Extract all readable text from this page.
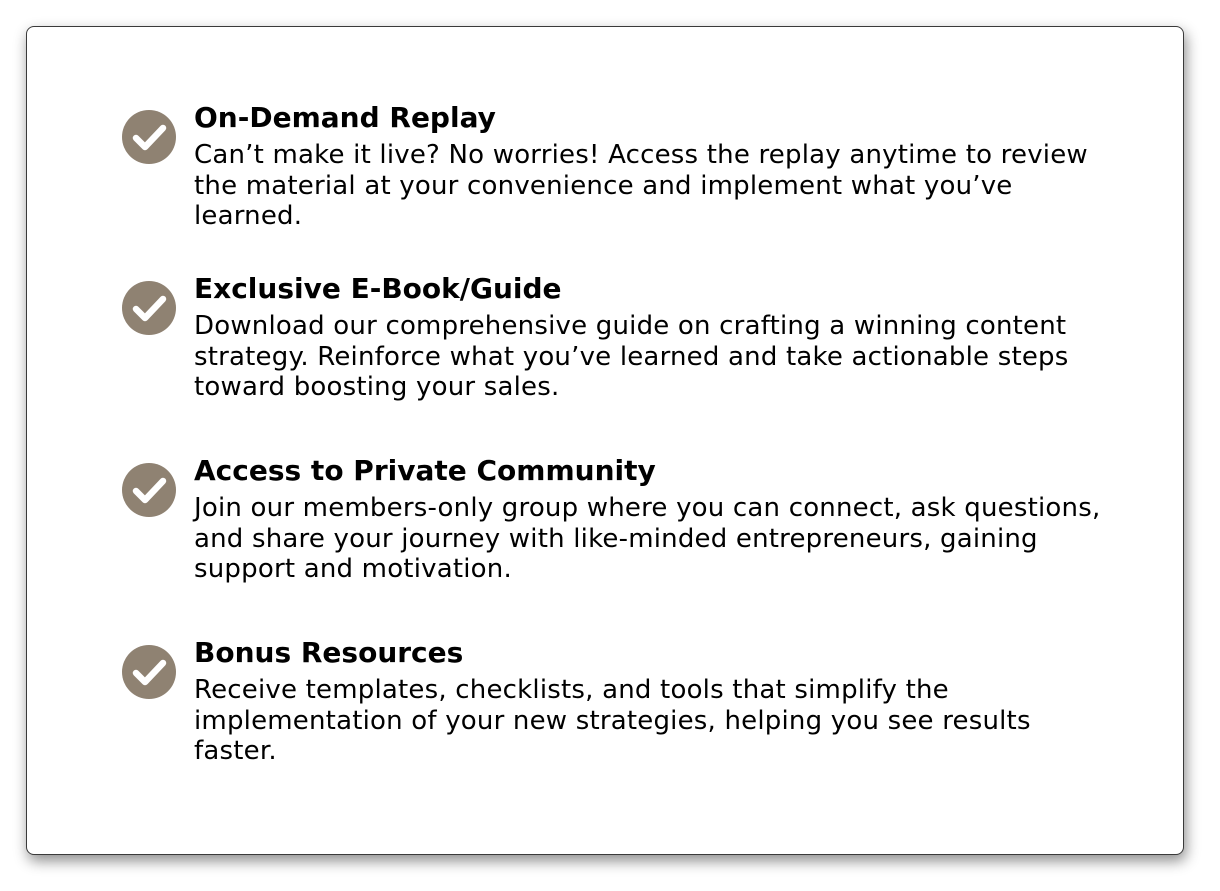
On-Demand Replay

Can’t make it live? No worries! Access the replay anytime to review the material at your convenience and implement what you’ve learned.

Exclusive E-Book/Guide

Download our comprehensive guide on crafting a winning content strategy. Reinforce what you’ve learned and take actionable steps toward boosting your sales.

Access to Private Community

Join our members-only group where you can connect, ask questions, and share your journey with like-minded entrepreneurs, gaining support and motivation.

Bonus Resources

Receive templates, checklists, and tools that simplify the implementation of your new strategies, helping you see results faster.
